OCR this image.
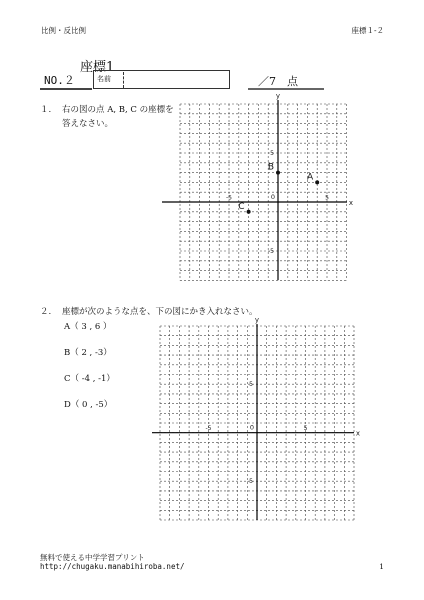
比例・反比例	座標１-２
座標1
NO.２	名前	／7　点
１. 右の図の点 A, B, C の座標を
答えなさい。
x
y
0
-5	5
5
-5
A
B
C
２. 座標が次のような点を、下の図にかき入れなさい。
A（ 3 , 6 ）
B（ 2 , -3）
C（ -4 , -1）
D（ 0 , -5）
x
y
0
-5	5
5
-5
無料で使える中学学習プリント
http://chugaku.manabihiroba.net/	1
